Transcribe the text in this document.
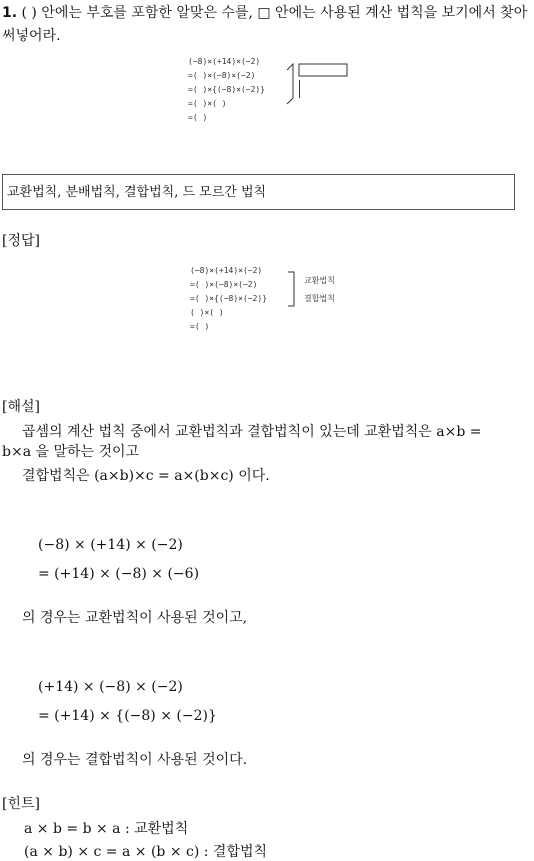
1. ( ) 안에는 부호를 포함한 알맞은 수를, □ 안에는 사용된 계산 법칙을 보기에서 찾아 써넣어라.
(−8)×(+14)×(−2)
=( )×(−8)×(−2)
=( )×{(−8)×(−2)}
=( )×( )
=( )
교환법칙, 분배법칙, 결합법칙, 드 모르간 법칙
[정답]
(−8)×(+14)×(−2)
=( )×(−8)×(−2)
=( )×{(−8)×(−2)}
( )×( )
=( )
교환법칙
결합법칙
[해설]
곱셈의 계산 법칙 중에서 교환법칙과 결합법칙이 있는데 교환법칙은 a×b =
b×a 을 말하는 것이고
결합법칙은 (a×b)×c = a×(b×c) 이다.
(−8) × (+14) × (−2)
= (+14) × (−8) × (−6)
의 경우는 교환법칙이 사용된 것이고,
(+14) × (−8) × (−2)
= (+14) × {(−8) × (−2)}
의 경우는 결합법칙이 사용된 것이다.
[힌트]
a × b = b × a : 교환법칙
(a × b) × c = a × (b × c) : 결합법칙
